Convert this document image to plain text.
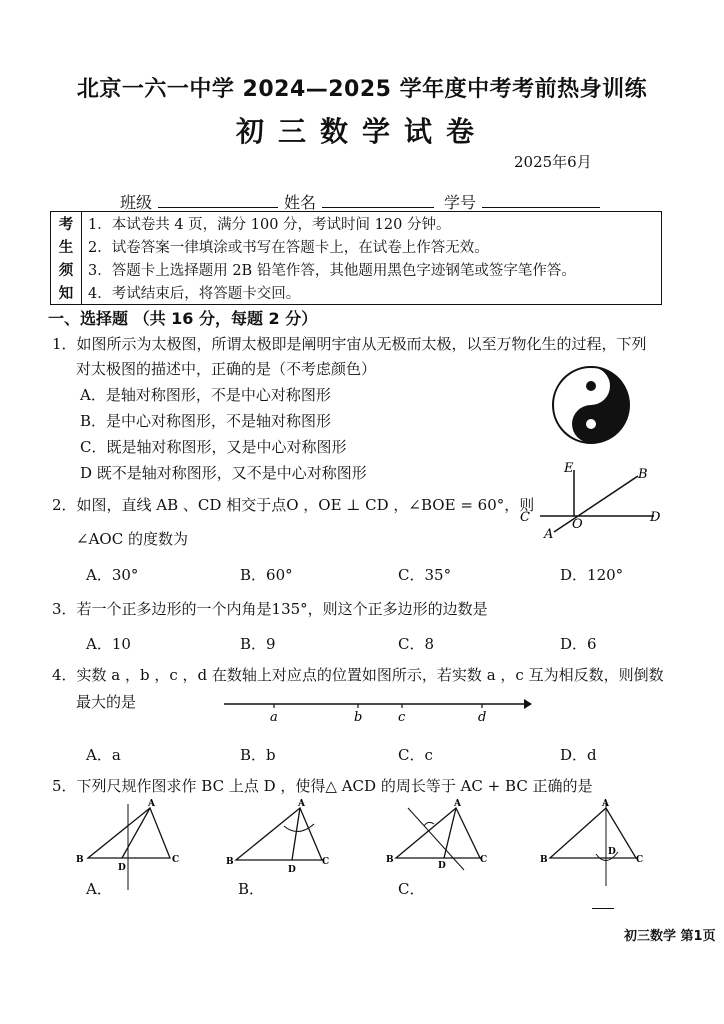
北京一六一中学 2024—2025 学年度中考考前热身训练
初三数学试卷
2025年6月
班级	姓名	学号
考	1．本试卷共 4 页，满分 100 分，考试时间 120 分钟。
生	2．试卷答案一律填涂或书写在答题卡上，在试卷上作答无效。
须	3．答题卡上选择题用 2B 铅笔作答，其他题用黑色字迹钢笔或签字笔作答。
知	4．考试结束后，将答题卡交回。
一、选择题 （共 16 分，每题 2 分）
1．如图所示为太极图，所谓太极即是阐明宇宙从无极而太极，以至万物化生的过程，下列
对太极图的描述中，正确的是（不考虑颜色）
A．是轴对称图形，不是中心对称图形
B．是中心对称图形，不是轴对称图形
C．既是轴对称图形，又是中心对称图形
D 既不是轴对称图形，又不是中心对称图形
2．如图，直线 AB 、CD 相交于点O ，OE ⊥ CD ，∠BOE = 60°，则
∠AOC 的度数为
A．30°	B．60°	C．35°	D．120°
E	B
C	O	D
A
3．若一个正多边形的一个内角是135°，则这个正多边形的边数是
A．10	B．9	C．8	D．6
4．实数 a ，b ，c ，d 在数轴上对应点的位置如图所示，若实数 a ，c 互为相反数，则倒数
最大的是
a	b	c	d
A．a	B．b	C．c	D．d
5．下列尺规作图求作 BC 上点 D ，使得△ ACD 的周长等于 AC + BC 正确的是
A
B	C
D
A．
A
B	C
D
B．
A
B	C
D
C．
A
B	C
D
初三数学 第1页
